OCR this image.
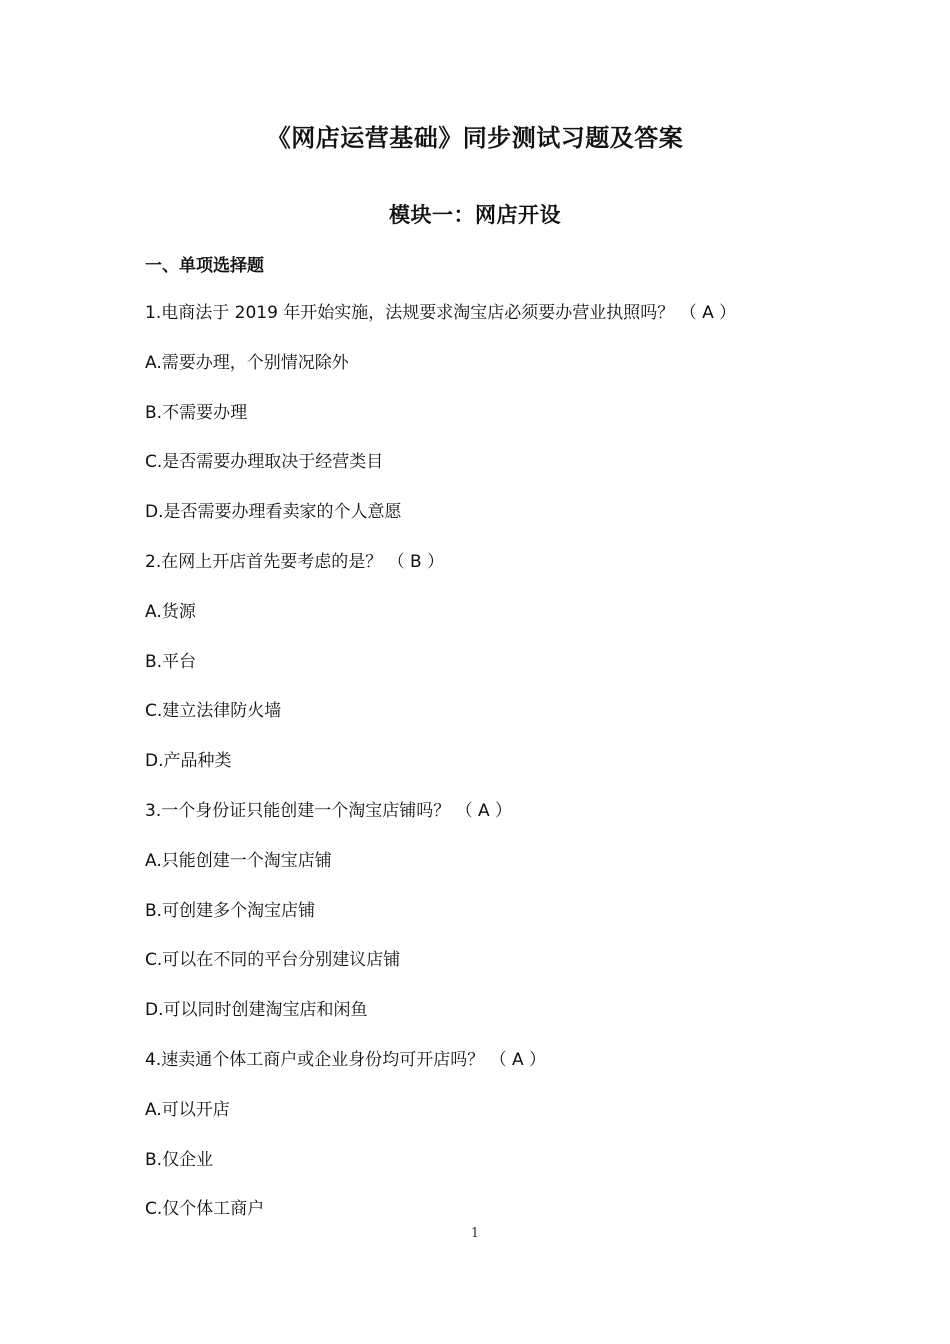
《网店运营基础》同步测试习题及答案
模块一：网店开设
一、单项选择题
1.电商法于 2019 年开始实施，法规要求淘宝店必须要办营业执照吗？ （ A ）
A.需要办理，个别情况除外
B.不需要办理
C.是否需要办理取决于经营类目
D.是否需要办理看卖家的个人意愿
2.在网上开店首先要考虑的是？ （ B ）
A.货源
B.平台
C.建立法律防火墙
D.产品种类
3.一个身份证只能创建一个淘宝店铺吗？ （ A ）
A.只能创建一个淘宝店铺
B.可创建多个淘宝店铺
C.可以在不同的平台分别建议店铺
D.可以同时创建淘宝店和闲鱼
4.速卖通个体工商户或企业身份均可开店吗？ （ A ）
A.可以开店
B.仅企业
C.仅个体工商户
1
